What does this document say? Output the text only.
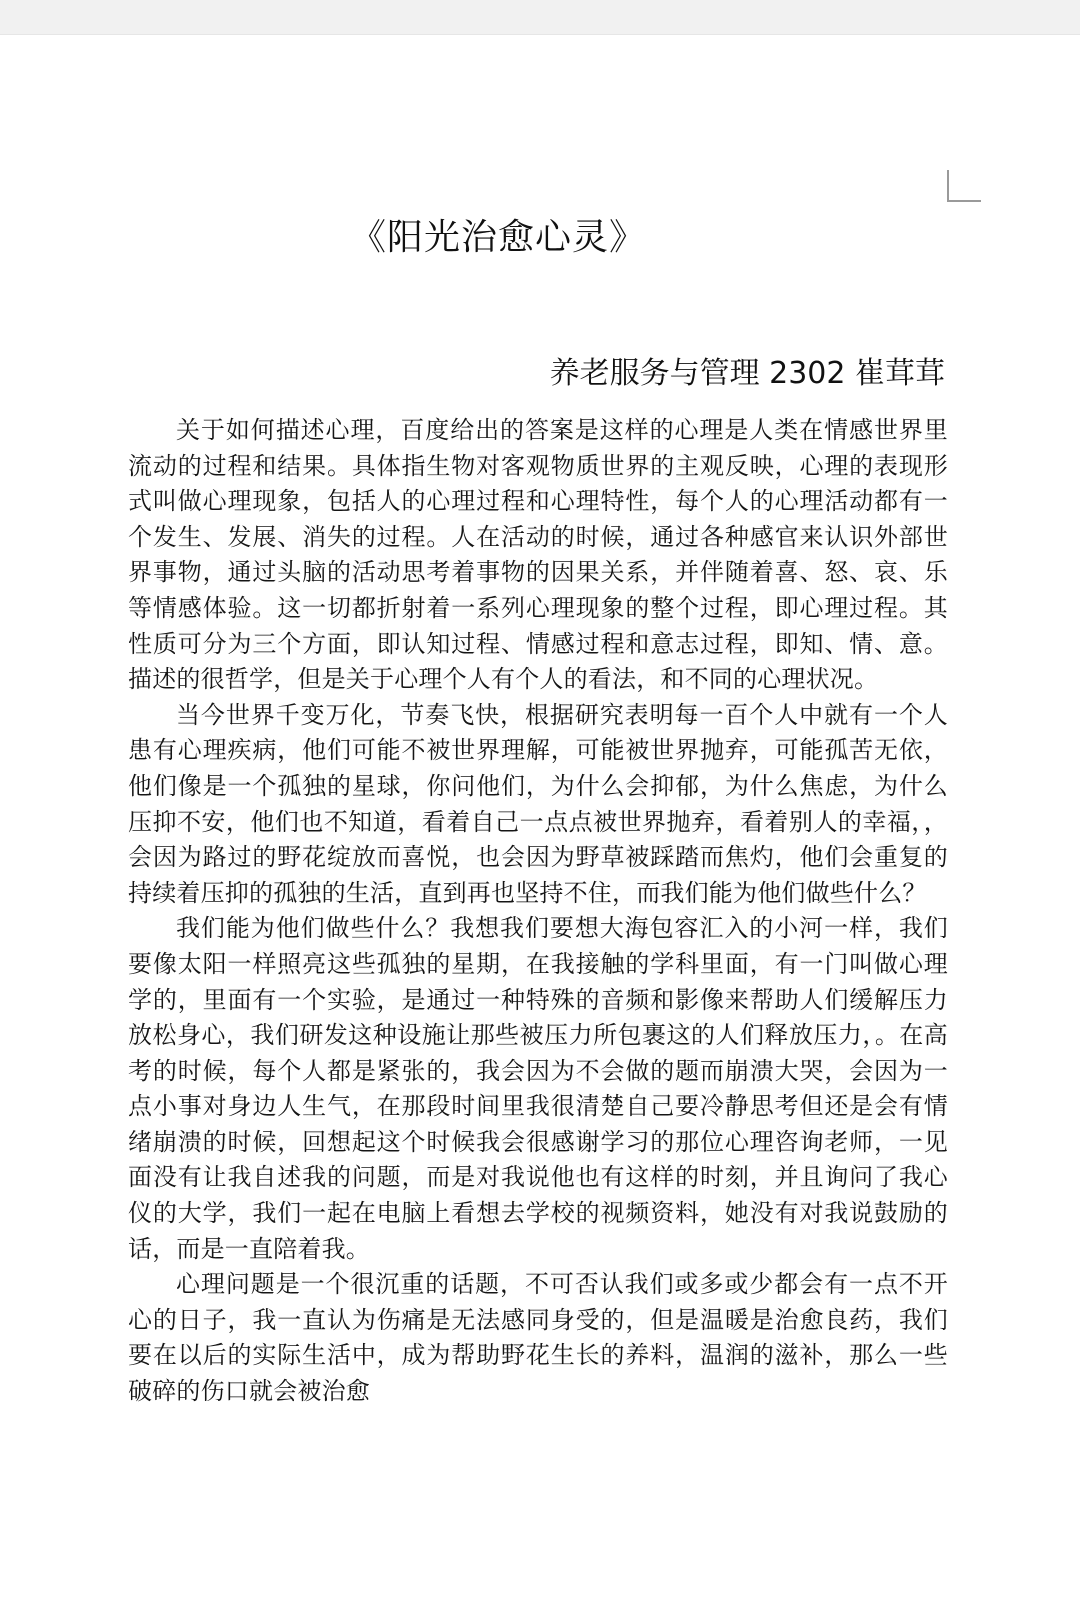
《阳光治愈心灵》
养老服务与管理 2302 崔茸茸

关于如何描述心理，百度给出的答案是这样的心理是人类在情感世界里流动的过程和结果。具体指生物对客观物质世界的主观反映，心理的表现形式叫做心理现象，包括人的心理过程和心理特性，每个人的心理活动都有一个发生、发展、消失的过程。人在活动的时候，通过各种感官来认识外部世界事物，通过头脑的活动思考着事物的因果关系，并伴随着喜、怒、哀、乐等情感体验。这一切都折射着一系列心理现象的整个过程，即心理过程。其性质可分为三个方面，即认知过程、情感过程和意志过程，即知、情、意。描述的很哲学，但是关于心理个人有个人的看法，和不同的心理状况。

当今世界千变万化，节奏飞快，根据研究表明每一百个人中就有一个人患有心理疾病，他们可能不被世界理解，可能被世界抛弃，可能孤苦无依，他们像是一个孤独的星球，你问他们，为什么会抑郁，为什么焦虑，为什么压抑不安，他们也不知道，看着自己一点点被世界抛弃，看着别人的幸福，，会因为路过的野花绽放而喜悦，也会因为野草被踩踏而焦灼，他们会重复的持续着压抑的孤独的生活，直到再也坚持不住，而我们能为他们做些什么？

我们能为他们做些什么？我想我们要想大海包容汇入的小河一样，我们要像太阳一样照亮这些孤独的星期，在我接触的学科里面，有一门叫做心理学的，里面有一个实验，是通过一种特殊的音频和影像来帮助人们缓解压力放松身心，我们研发这种设施让那些被压力所包裹这的人们释放压力，。在高考的时候，每个人都是紧张的，我会因为不会做的题而崩溃大哭，会因为一点小事对身边人生气，在那段时间里我很清楚自己要冷静思考但还是会有情绪崩溃的时候，回想起这个时候我会很感谢学习的那位心理咨询老师，一见面没有让我自述我的问题，而是对我说他也有这样的时刻，并且询问了我心仪的大学，我们一起在电脑上看想去学校的视频资料，她没有对我说鼓励的话，而是一直陪着我。

心理问题是一个很沉重的话题，不可否认我们或多或少都会有一点不开心的日子，我一直认为伤痛是无法感同身受的，但是温暖是治愈良药，我们要在以后的实际生活中，成为帮助野花生长的养料，温润的滋补，那么一些破碎的伤口就会被治愈
